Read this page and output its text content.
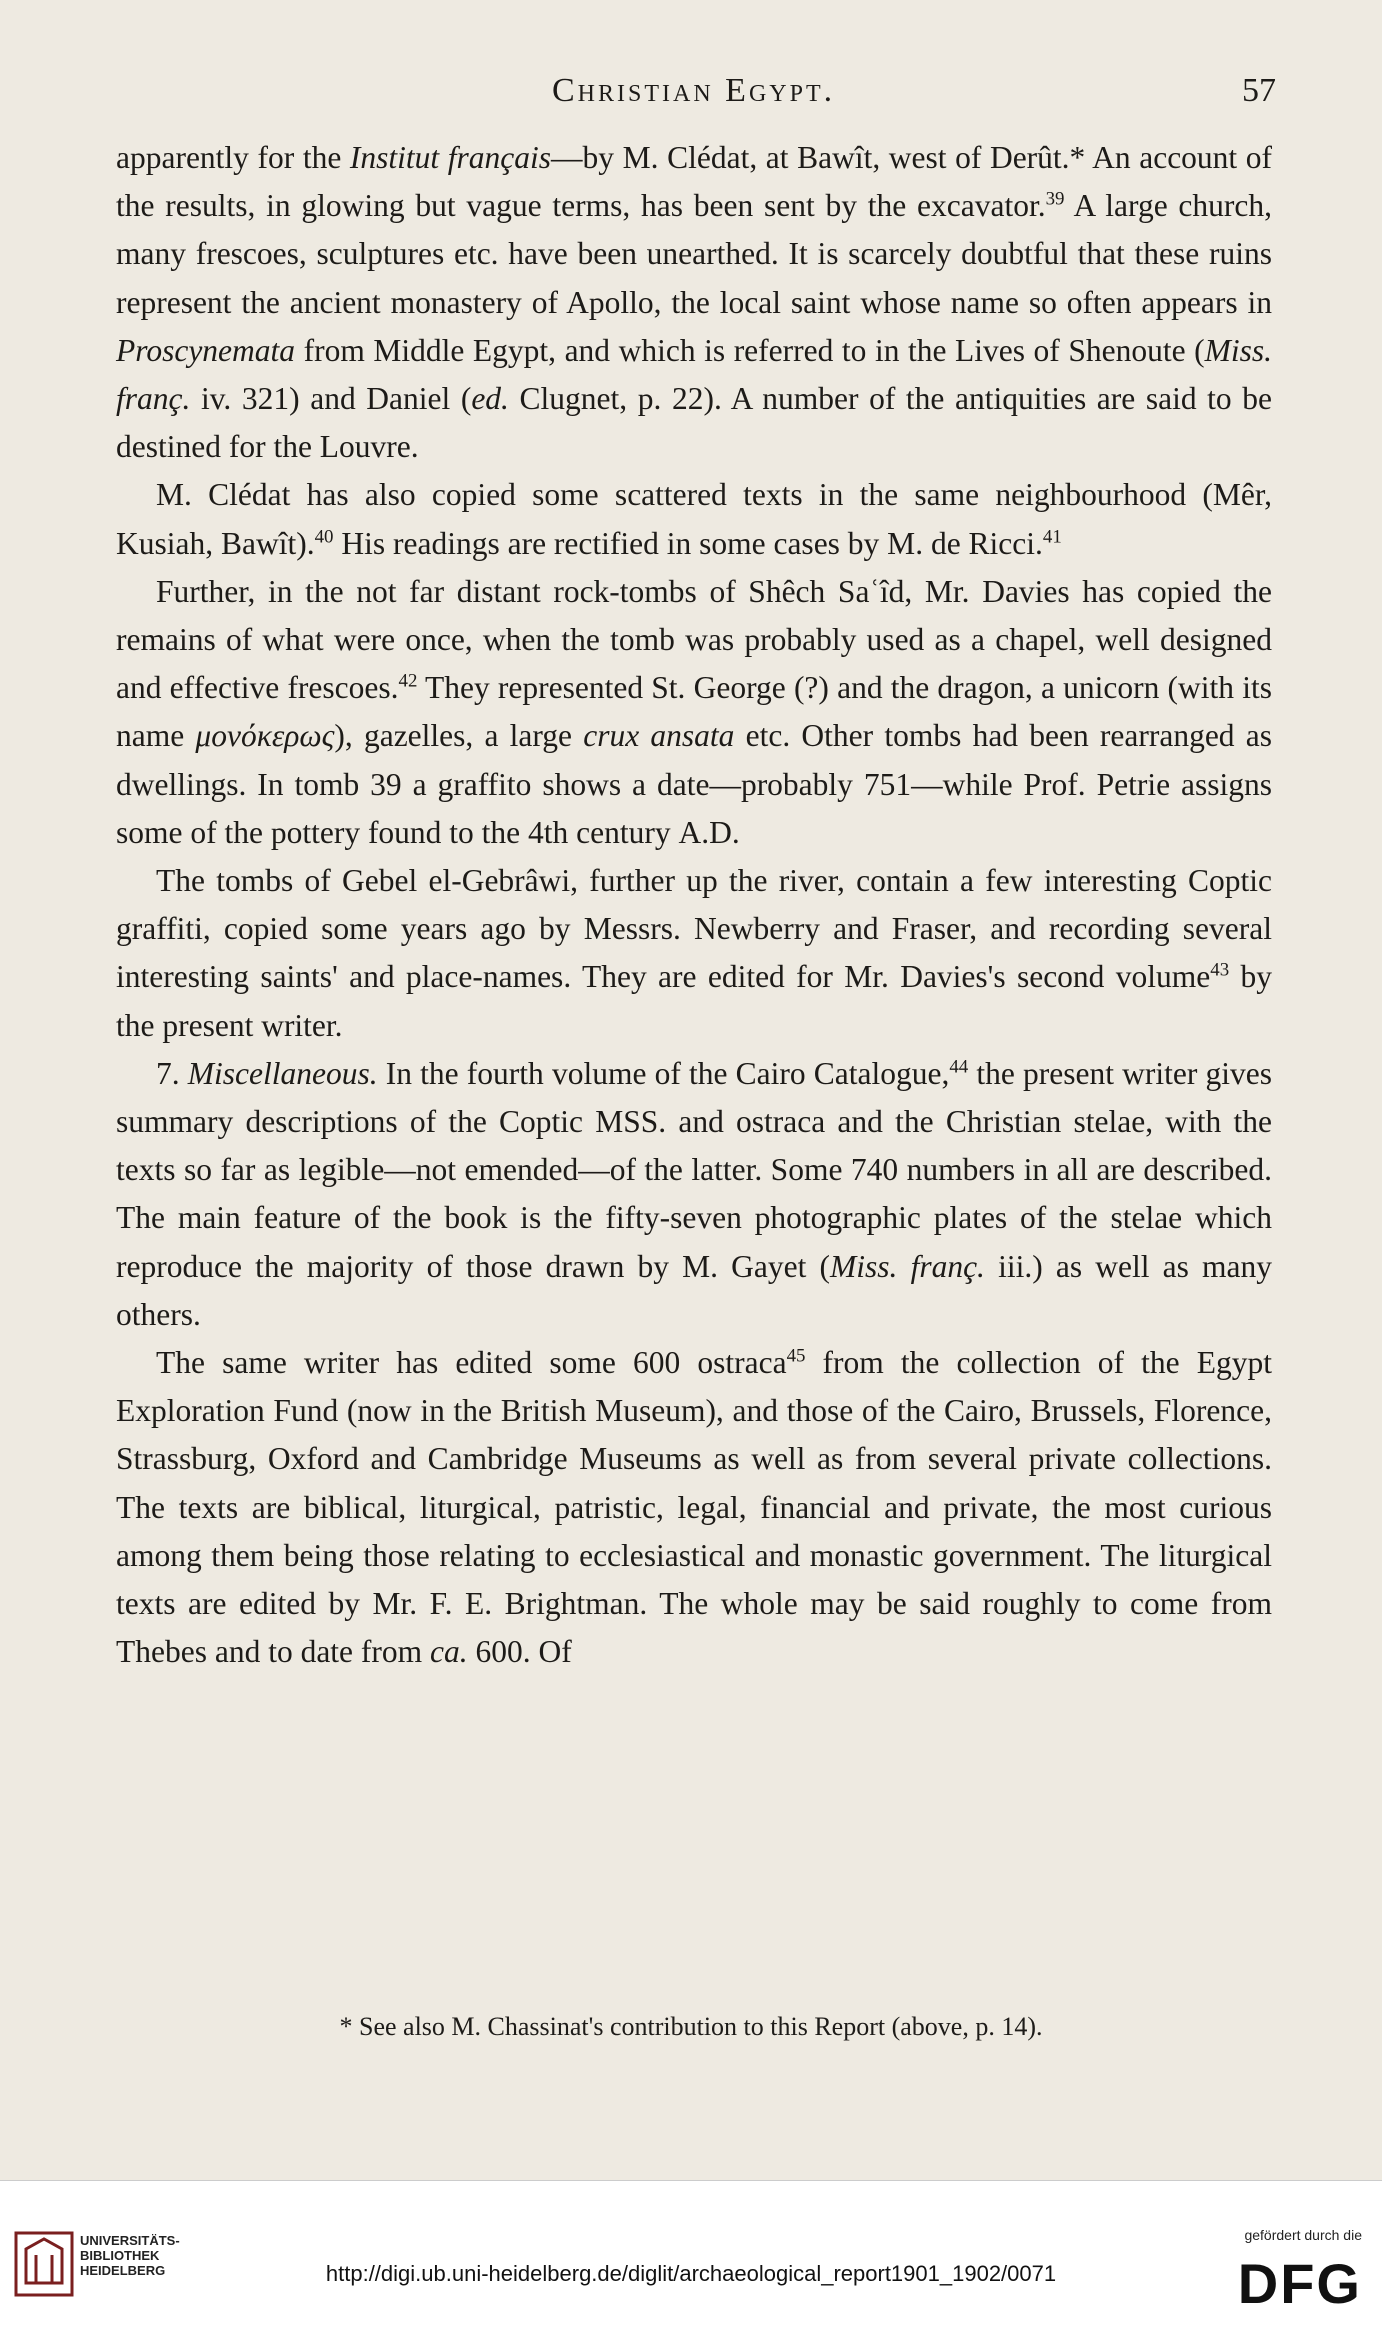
Christian Egypt.	57

apparently for the Institut français—by M. Clédat, at Bawît, west of Derût.* An account of the results, in glowing but vague terms, has been sent by the excavator.$^{39}$ A large church, many frescoes, sculptures etc. have been unearthed. It is scarcely doubtful that these ruins represent the ancient monastery of Apollo, the local saint whose name so often appears in Proscynemata from Middle Egypt, and which is referred to in the Lives of Shenoute (Miss. franç. iv. 321) and Daniel (ed. Clugnet, p. 22). A number of the antiquities are said to be destined for the Louvre.

M. Clédat has also copied some scattered texts in the same neighbourhood (Mêr, Kusiah, Bawît).$^{40}$ His readings are rectified in some cases by M. de Ricci.$^{41}$

Further, in the not far distant rock-tombs of Shêch Saʿîd, Mr. Davies has copied the remains of what were once, when the tomb was probably used as a chapel, well designed and effective frescoes.$^{42}$ They represented St. George (?) and the dragon, a unicorn (with its name μονόκερως), gazelles, a large crux ansata etc. Other tombs had been rearranged as dwellings. In tomb 39 a graffito shows a date—probably 751—while Prof. Petrie assigns some of the pottery found to the 4th century A.D.

The tombs of Gebel el-Gebrâwi, further up the river, contain a few interesting Coptic graffiti, copied some years ago by Messrs. Newberry and Fraser, and recording several interesting saints' and place-names. They are edited for Mr. Davies's second volume$^{43}$ by the present writer.

7. Miscellaneous. In the fourth volume of the Cairo Catalogue,$^{44}$ the present writer gives summary descriptions of the Coptic MSS. and ostraca and the Christian stelae, with the texts so far as legible—not emended—of the latter. Some 740 numbers in all are described. The main feature of the book is the fifty-seven photographic plates of the stelae which reproduce the majority of those drawn by M. Gayet (Miss. franç. iii.) as well as many others.

The same writer has edited some 600 ostraca$^{45}$ from the collection of the Egypt Exploration Fund (now in the British Museum), and those of the Cairo, Brussels, Florence, Strassburg, Oxford and Cambridge Museums as well as from several private collections. The texts are biblical, liturgical, patristic, legal, financial and private, the most curious among them being those relating to ecclesiastical and monastic government. The liturgical texts are edited by Mr. F. E. Brightman. The whole may be said roughly to come from Thebes and to date from ca. 600. Of

* See also M. Chassinat's contribution to this Report (above, p. 14).
UNIVERSITÄTS-
BIBLIOTHEK
HEIDELBERG	http://digi.ub.uni-heidelberg.de/diglit/archaeological_report1901_1902/0071
gefördert durch die
DFG
